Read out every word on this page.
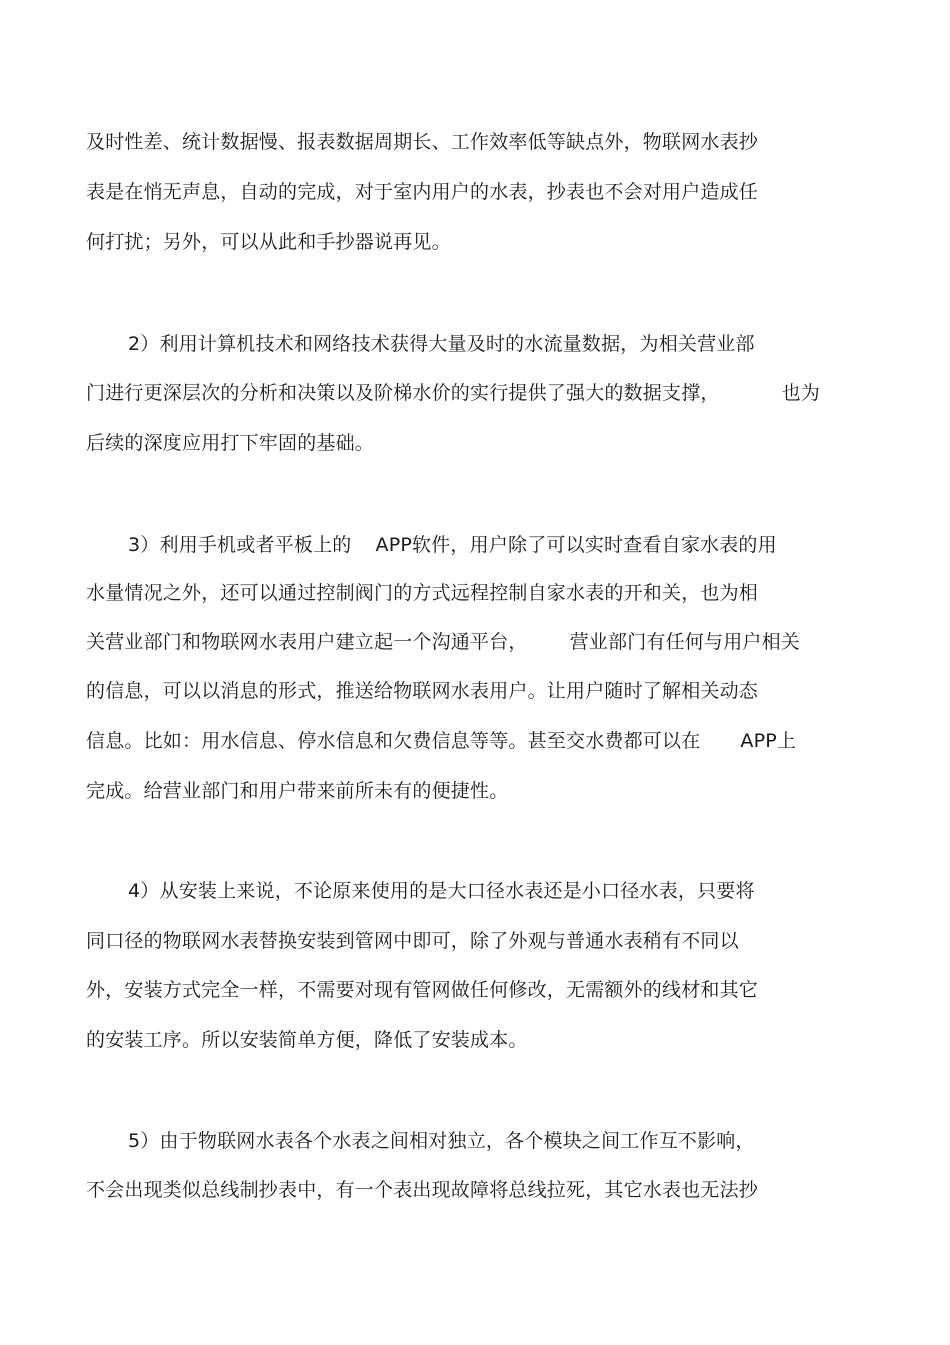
及时性差、统计数据慢、报表数据周期长、工作效率低等缺点外，物联网水表抄
表是在悄无声息，自动的完成，对于室内用户的水表，抄表也不会对用户造成任
何打扰；另外，可以从此和手抄器说再见。
2）利用计算机技术和网络技术获得大量及时的水流量数据，为相关营业部
门进行更深层次的分析和决策以及阶梯水价的实行提供了强大的数据支撑，	也为
后续的深度应用打下牢固的基础。
3）利用手机或者平板上的 APP软件，用户除了可以实时查看自家水表的用
水量情况之外，还可以通过控制阀门的方式远程控制自家水表的开和关，也为相
关营业部门和物联网水表用户建立起一个沟通平台， 营业部门有任何与用户相关
的信息，可以以消息的形式，推送给物联网水表用户。让用户随时了解相关动态
信息。比如：用水信息、停水信息和欠费信息等等。甚至交水费都可以在 APP上
完成。给营业部门和用户带来前所未有的便捷性。
4）从安装上来说，不论原来使用的是大口径水表还是小口径水表，只要将
同口径的物联网水表替换安装到管网中即可，除了外观与普通水表稍有不同以
外，安装方式完全一样，不需要对现有管网做任何修改，无需额外的线材和其它
的安装工序。所以安装简单方便，降低了安装成本。
5）由于物联网水表各个水表之间相对独立，各个模块之间工作互不影响，
不会出现类似总线制抄表中，有一个表出现故障将总线拉死，其它水表也无法抄
